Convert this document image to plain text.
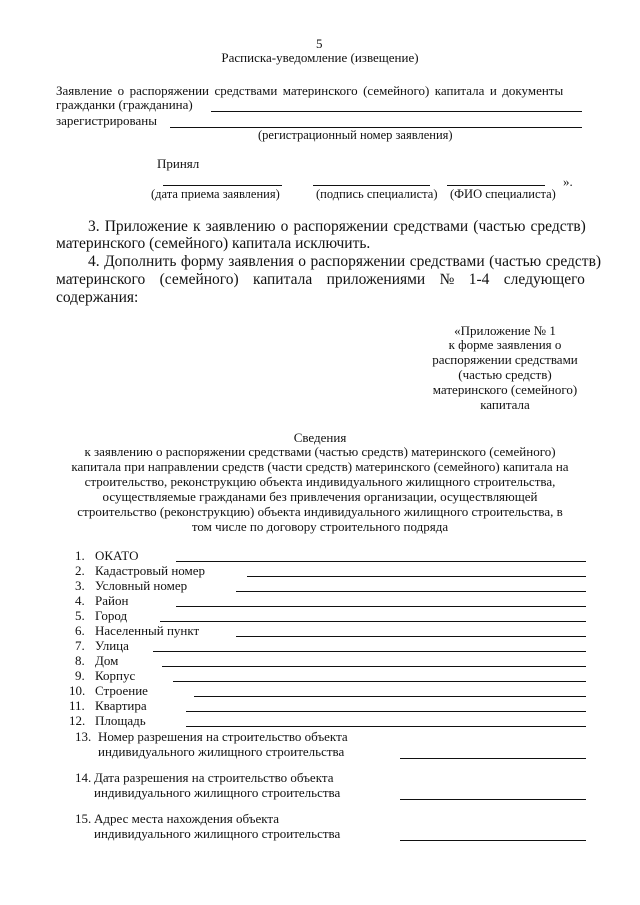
5
Расписка-уведомление (извещение)
Заявление о распоряжении средствами материнского (семейного) капитала и документы
гражданки (гражданина)
зарегистрированы
(регистрационный номер заявления)
Принял
».
(дата приема заявления)	(подпись специалиста) (ФИО специалиста)
3. Приложение к заявлению о распоряжении средствами (частью средств)
материнского (семейного) капитала исключить.
4. Дополнить форму заявления о распоряжении средствами (частью средств)
материнского (семейного) капитала приложениями № 1-4 следующего
содержания:
«Приложение № 1
к форме заявления о
распоряжении средствами
(частью средств)
материнского (семейного)
капитала
Сведения
к заявлению о распоряжении средствами (частью средств) материнского (семейного)
капитала при направлении средств (части средств) материнского (семейного) капитала на
строительство, реконструкцию объекта индивидуального жилищного строительства,
осуществляемые гражданами без привлечения организации, осуществляющей
строительство (реконструкцию) объекта индивидуального жилищного строительства, в
том числе по договору строительного подряда
1. ОКАТО
2. Кадастровый номер
3. Условный номер
4. Район
5. Город
6. Населенный пункт
7. Улица
8. Дом
9. Корпус
10. Строение
11. Квартира
12. Площадь
13. Номер разрешения на строительство объекта
индивидуального жилищного строительства
14. Дата разрешения на строительство объекта
индивидуального жилищного строительства
15. Адрес места нахождения объекта
индивидуального жилищного строительства
